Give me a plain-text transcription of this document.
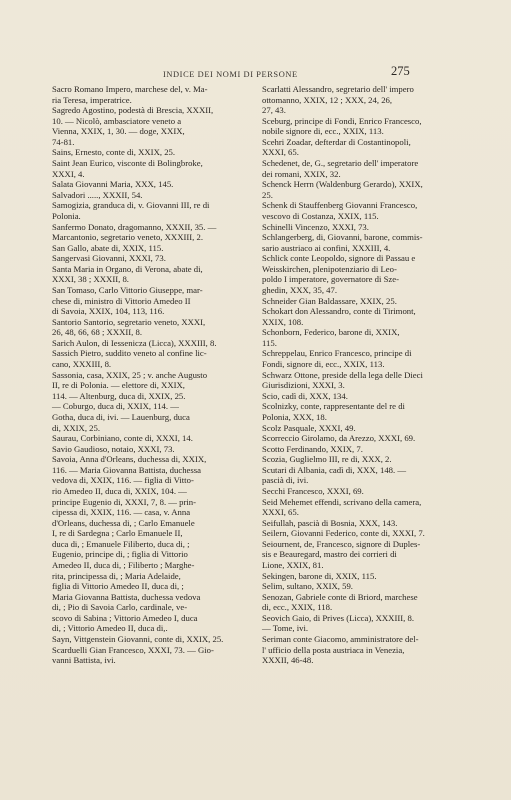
INDICE DEI NOMI DI PERSONE	275
Sacro Romano Impero, marchese del, v. Ma-
ria Teresa, imperatrice.
Sagredo Agostino, podestà di Brescia, XXXII,
10. — Nicolò, ambasciatore veneto a
Vienna, XXIX, 1, 30. — doge, XXIX,
74-81.
Sains, Ernesto, conte di, XXIX, 25.
Saint Jean Eurico, visconte di Bolingbroke,
XXXI, 4.
Salata Giovanni Maria, XXX, 145.
Salvadori ....., XXXII, 54.
Samogizia, granduca di, v. Giovanni III, re di
Polonia.
Sanfermo Donato, dragomanno, XXXII, 35. —
Marcantonio, segretario veneto, XXXIII, 2.
San Gallo, abate di, XXIX, 115.
Sangervasi Giovanni, XXXI, 73.
Santa Maria in Organo, di Verona, abate di,
XXXI, 38 ; XXXII, 8.
San Tomaso, Carlo Vittorio Giuseppe, mar-
chese di, ministro di Vittorio Amedeo II
di Savoia, XXIX, 104, 113, 116.
Santorio Santorio, segretario veneto, XXXI,
26, 48, 66, 68 ; XXXII, 8.
Sarich Aulon, di Iessenicza (Licca), XXXIII, 8.
Sassich Pietro, suddito veneto al confine lic-
cano, XXXIII, 8.
Sassonia, casa, XXIX, 25 ; v. anche Augusto
II, re di Polonia. — elettore di, XXIX,
114. — Altenburg, duca di, XXIX, 25.
— Coburgo, duca di, XXIX, 114. —
Gotha, duca di, ivi. — Lauenburg, duca
di, XXIX, 25.
Saurau, Corbiniano, conte di, XXXI, 14.
Savio Gaudioso, notaio, XXXI, 73.
Savoia, Anna d'Orleans, duchessa di, XXIX,
116. — Maria Giovanna Battista, duchessa
vedova di, XXIX, 116. — figlia di Vitto-
rio Amedeo II, duca di, XXIX, 104. —
principe Eugenio di, XXXI, 7, 8. — prin-
cipessa di, XXIX, 116. — casa, v. Anna
d'Orleans, duchessa di, ; Carlo Emanuele
I, re di Sardegna ; Carlo Emanuele II,
duca di, ; Emanuele Filiberto, duca di, ;
Eugenio, principe di, ; figlia di Vittorio
Amedeo II, duca di, ; Filiberto ; Marghe-
rita, principessa di, ; Maria Adelaide,
figlia di Vittorio Amedeo II, duca di, ;
Maria Giovanna Battista, duchessa vedova
di, ; Pio di Savoia Carlo, cardinale, ve-
scovo di Sabina ; Vittorio Amedeo I, duca
di, ; Vittorio Amedeo II, duca di,.
Sayn, Vittgenstein Giovanni, conte di, XXIX, 25.
Scarduelli Gian Francesco, XXXI, 73. — Gio-
vanni Battista, ivi.
Scarlatti Alessandro, segretario dell' impero
ottomanno, XXIX, 12 ; XXX, 24, 26,
27, 43.
Sceburg, principe di Fondi, Enrico Francesco,
nobile signore di, ecc., XXIX, 113.
Scehri Zoadar, defterdar di Costantinopoli,
XXXI, 65.
Schedenet, de, G., segretario dell' imperatore
dei romani, XXIX, 32.
Schenck Herrn (Waldenburg Gerardo), XXIX,
25.
Schenk di Stauffenberg Giovanni Francesco,
vescovo di Costanza, XXIX, 115.
Schinelli Vincenzo, XXXI, 73.
Schlangerberg, di, Giovanni, barone, commis-
sario austriaco ai confini, XXXIII, 4.
Schlick conte Leopoldo, signore di Passau e
Weisskirchen, plenipotenziario di Leo-
poldo I imperatore, governatore di Sze-
ghedin, XXX, 35, 47.
Schneider Gian Baldassare, XXIX, 25.
Schokart don Alessandro, conte di Tirimont,
XXIX, 108.
Schonborn, Federico, barone di, XXIX,
115.
Schreppelau, Enrico Francesco, principe di
Fondi, signore di, ecc., XXIX, 113.
Schwarz Ottone, preside della lega delle Dieci
Giurisdizioni, XXXI, 3.
Scio, cadì di, XXX, 134.
Scolnizky, conte, rappresentante del re di
Polonia, XXX, 18.
Scolz Pasquale, XXXI, 49.
Scorreccio Girolamo, da Arezzo, XXXI, 69.
Scotto Ferdinando, XXIX, 7.
Scozia, Guglielmo III, re di, XXX, 2.
Scutari di Albania, cadì di, XXX, 148. —
pascià di, ivi.
Secchi Francesco, XXXI, 69.
Seid Mehemet effendi, scrivano della camera,
XXXI, 65.
Seifullah, pascià di Bosnia, XXX, 143.
Seilern, Giovanni Federico, conte di, XXXI, 7.
Seiournent, de, Francesco, signore di Duples-
sis e Beauregard, mastro dei corrieri di
Lione, XXIX, 81.
Sekingen, barone di, XXIX, 115.
Selim, sultano, XXIX, 59.
Senozan, Gabriele conte di Briord, marchese
di, ecc., XXIX, 118.
Seovich Gaio, di Prives (Licca), XXXIII, 8.
— Tome, ivi.
Seriman conte Giacomo, amministratore del-
l' ufficio della posta austriaca in Venezia,
XXXII, 46-48.
